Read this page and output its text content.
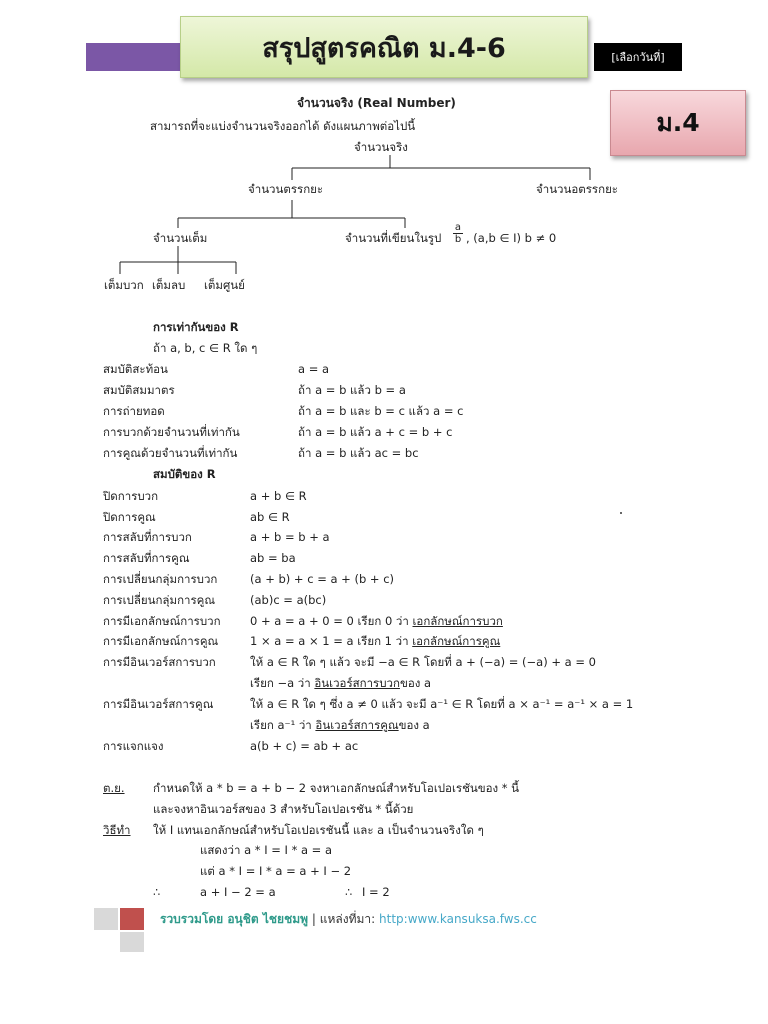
สรุปสูตรคณิต ม.4-6	[เลือกวันที่]
ม.4
จำนวนจริง (Real Number)
สามารถที่จะแบ่งจำนวนจริงออกได้ ดังแผนภาพต่อไปนี้
จำนวนจริง
จำนวนตรรกยะ	จำนวนอตรรกยะ
จำนวนเต็ม	จำนวนที่เขียนในรูป $\frac{a}{b}$ , (a,b ∈ I) b ≠ 0
เต็มบวก เต็มลบ เต็มศูนย์
การเท่ากันของ R
ถ้า a, b, c ∈ R ใด ๆ
สมบัติสะท้อน	a = a
สมบัติสมมาตร	ถ้า a = b แล้ว b = a
การถ่ายทอด	ถ้า a = b และ b = c แล้ว a = c
การบวกด้วยจำนวนที่เท่ากัน	ถ้า a = b แล้ว a + c = b + c
การคูณด้วยจำนวนที่เท่ากัน	ถ้า a = b แล้ว ac = bc
สมบัติของ R
ปิดการบวก	a + b ∈ R
ปิดการคูณ	ab ∈ R
การสลับที่การบวก	a + b = b + a
การสลับที่การคูณ	ab = ba
การเปลี่ยนกลุ่มการบวก	(a + b) + c = a + (b + c)
การเปลี่ยนกลุ่มการคูณ	(ab)c = a(bc)
การมีเอกลักษณ์การบวก	0 + a = a + 0 = 0 เรียก 0 ว่า เอกลักษณ์การบวก
การมีเอกลักษณ์การคูณ	1 × a = a × 1 = a เรียก 1 ว่า เอกลักษณ์การคูณ
การมีอินเวอร์สการบวก	ให้ a ∈ R ใด ๆ แล้ว จะมี −a ∈ R โดยที่ a + (−a) = (−a) + a = 0
เรียก −a ว่า อินเวอร์สการบวกของ a
การมีอินเวอร์สการคูณ	ให้ a ∈ R ใด ๆ ซึ่ง a ≠ 0 แล้ว จะมี a⁻¹ ∈ R โดยที่ a × a⁻¹ = a⁻¹ × a = 1
เรียก a⁻¹ ว่า อินเวอร์สการคูณของ a
การแจกแจง	a(b + c) = ab + ac
ต.ย. กำหนดให้ a * b = a + b − 2 จงหาเอกลักษณ์สำหรับโอเปอเรชันของ * นี้
และจงหาอินเวอร์สของ 3 สำหรับโอเปอเรชัน * นี้ด้วย
วิธีทำ ให้ I แทนเอกลักษณ์สำหรับโอเปอเรชันนี้ และ a เป็นจำนวนจริงใด ๆ
แสดงว่า a * I = I * a = a
แต่ a * I = I * a = a + I − 2
∴	a + I − 2 = a	∴ I = 2
รวบรวมโดย อนุชิต ไชยชมพู | แหล่งที่มา: http:www.kansuksa.fws.cc
